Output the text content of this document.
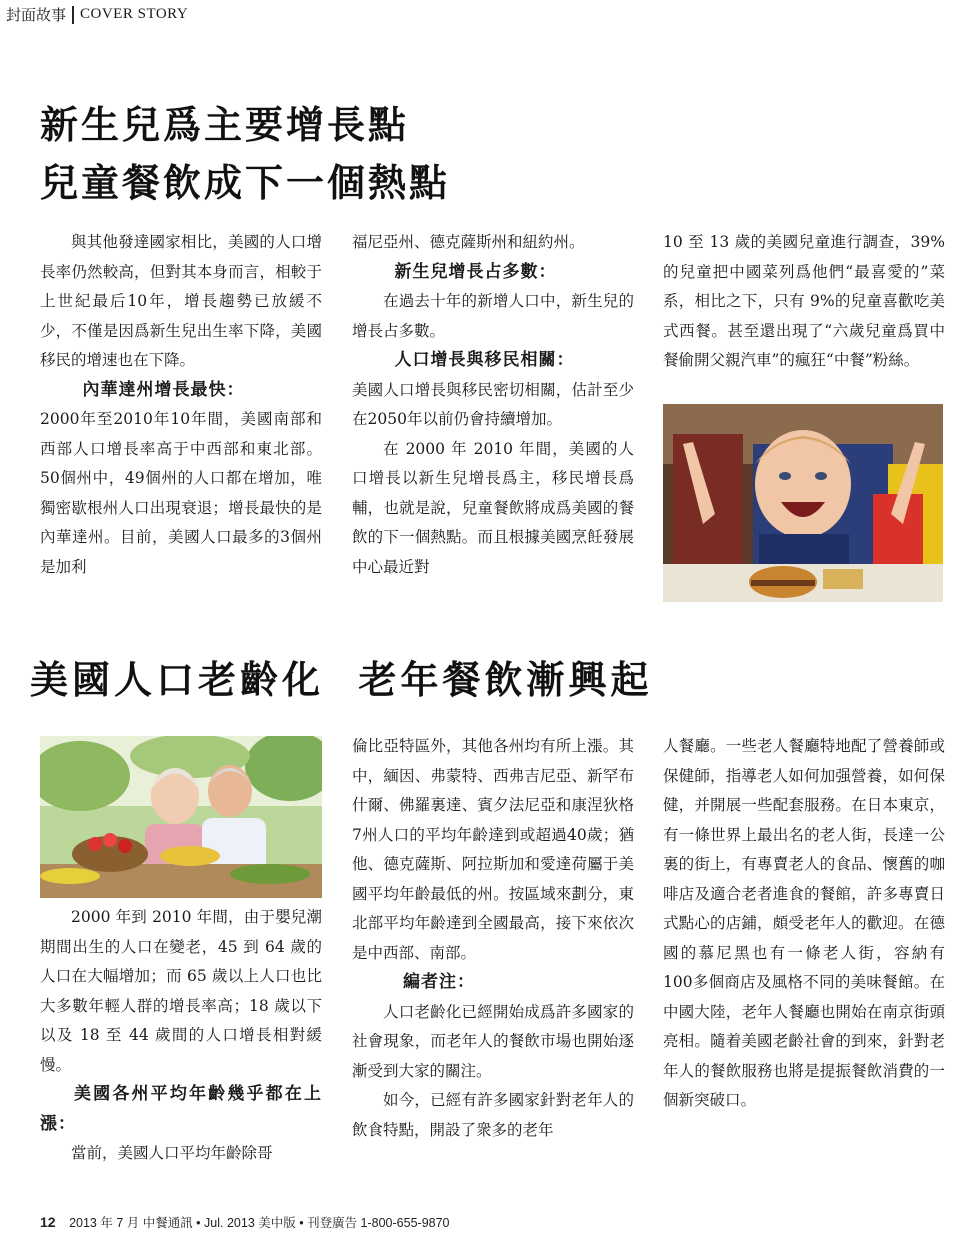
封面故事 COVER STORY
新生兒爲主要增長點
兒童餐飲成下一個熱點

與其他發達國家相比，美國的人口增長率仍然較高，但對其本身而言，相較于上世紀最后10年，增長趨勢已放緩不少，不僅是因爲新生兒出生率下降，美國移民的增速也在下降。

內華達州增長最快：

2000年至2010年10年間，美國南部和西部人口增長率高于中西部和東北部。50個州中，49個州的人口都在增加，唯獨密歇根州人口出現衰退；增長最快的是內華達州。目前，美國人口最多的3個州是加利

福尼亞州、德克薩斯州和紐約州。

新生兒增長占多數：

在過去十年的新增人口中，新生兒的增長占多數。

人口增長與移民相關：

美國人口增長與移民密切相關，估計至少在2050年以前仍會持續增加。

在 2000 年 2010 年間，美國的人口增長以新生兒增長爲主，移民增長爲輔，也就是說，兒童餐飲將成爲美國的餐飲的下一個熱點。而且根據美國烹飪發展中心最近對

10 至 13 歲的美國兒童進行調查，39%的兒童把中國菜列爲他們“最喜愛的”菜系，相比之下，只有 9%的兒童喜歡吃美式西餐。甚至還出現了“六歲兒童爲買中餐偷開父親汽車”的瘋狂“中餐”粉絲。

美國人口老齡化  老年餐飲漸興起

2000 年到 2010 年間，由于嬰兒潮期間出生的人口在變老，45 到 64 歲的人口在大幅增加；而 65 歲以上人口也比大多數年輕人群的增長率高；18 歲以下以及 18 至 44 歲間的人口增長相對緩慢。

美國各州平均年齡幾乎都在上漲：

當前，美國人口平均年齡除哥

倫比亞特區外，其他各州均有所上漲。其中，緬因、弗蒙特、西弗吉尼亞、新罕布什爾、佛羅裏達、賓夕法尼亞和康涅狄格7州人口的平均年齡達到或超過40歲；猶他、德克薩斯、阿拉斯加和愛達荷屬于美國平均年齡最低的州。按區域來劃分，東北部平均年齡達到全國最高，接下來依次是中西部、南部。

編者注：

人口老齡化已經開始成爲許多國家的社會現象，而老年人的餐飲市場也開始逐漸受到大家的關注。

如今，已經有許多國家針對老年人的飲食特點，開設了衆多的老年

人餐廳。一些老人餐廳特地配了營養師或保健師，指導老人如何加强營養，如何保健，并開展一些配套服務。在日本東京，有一條世界上最出名的老人街，長達一公裏的街上，有專賣老人的食品、懷舊的咖啡店及適合老者進食的餐館，許多專賣日式點心的店鋪，頗受老年人的歡迎。在德國的慕尼黑也有一條老人街，容納有 100多個商店及風格不同的美味餐館。在中國大陸，老年人餐廳也開始在南京街頭亮相。隨着美國老齡社會的到來，針對老年人的餐飲服務也將是提振餐飲消費的一個新突破口。

12 2013 年 7 月 中餐通訊 • Jul. 2013 美中版 • 刊登廣告 1-800-655-9870
